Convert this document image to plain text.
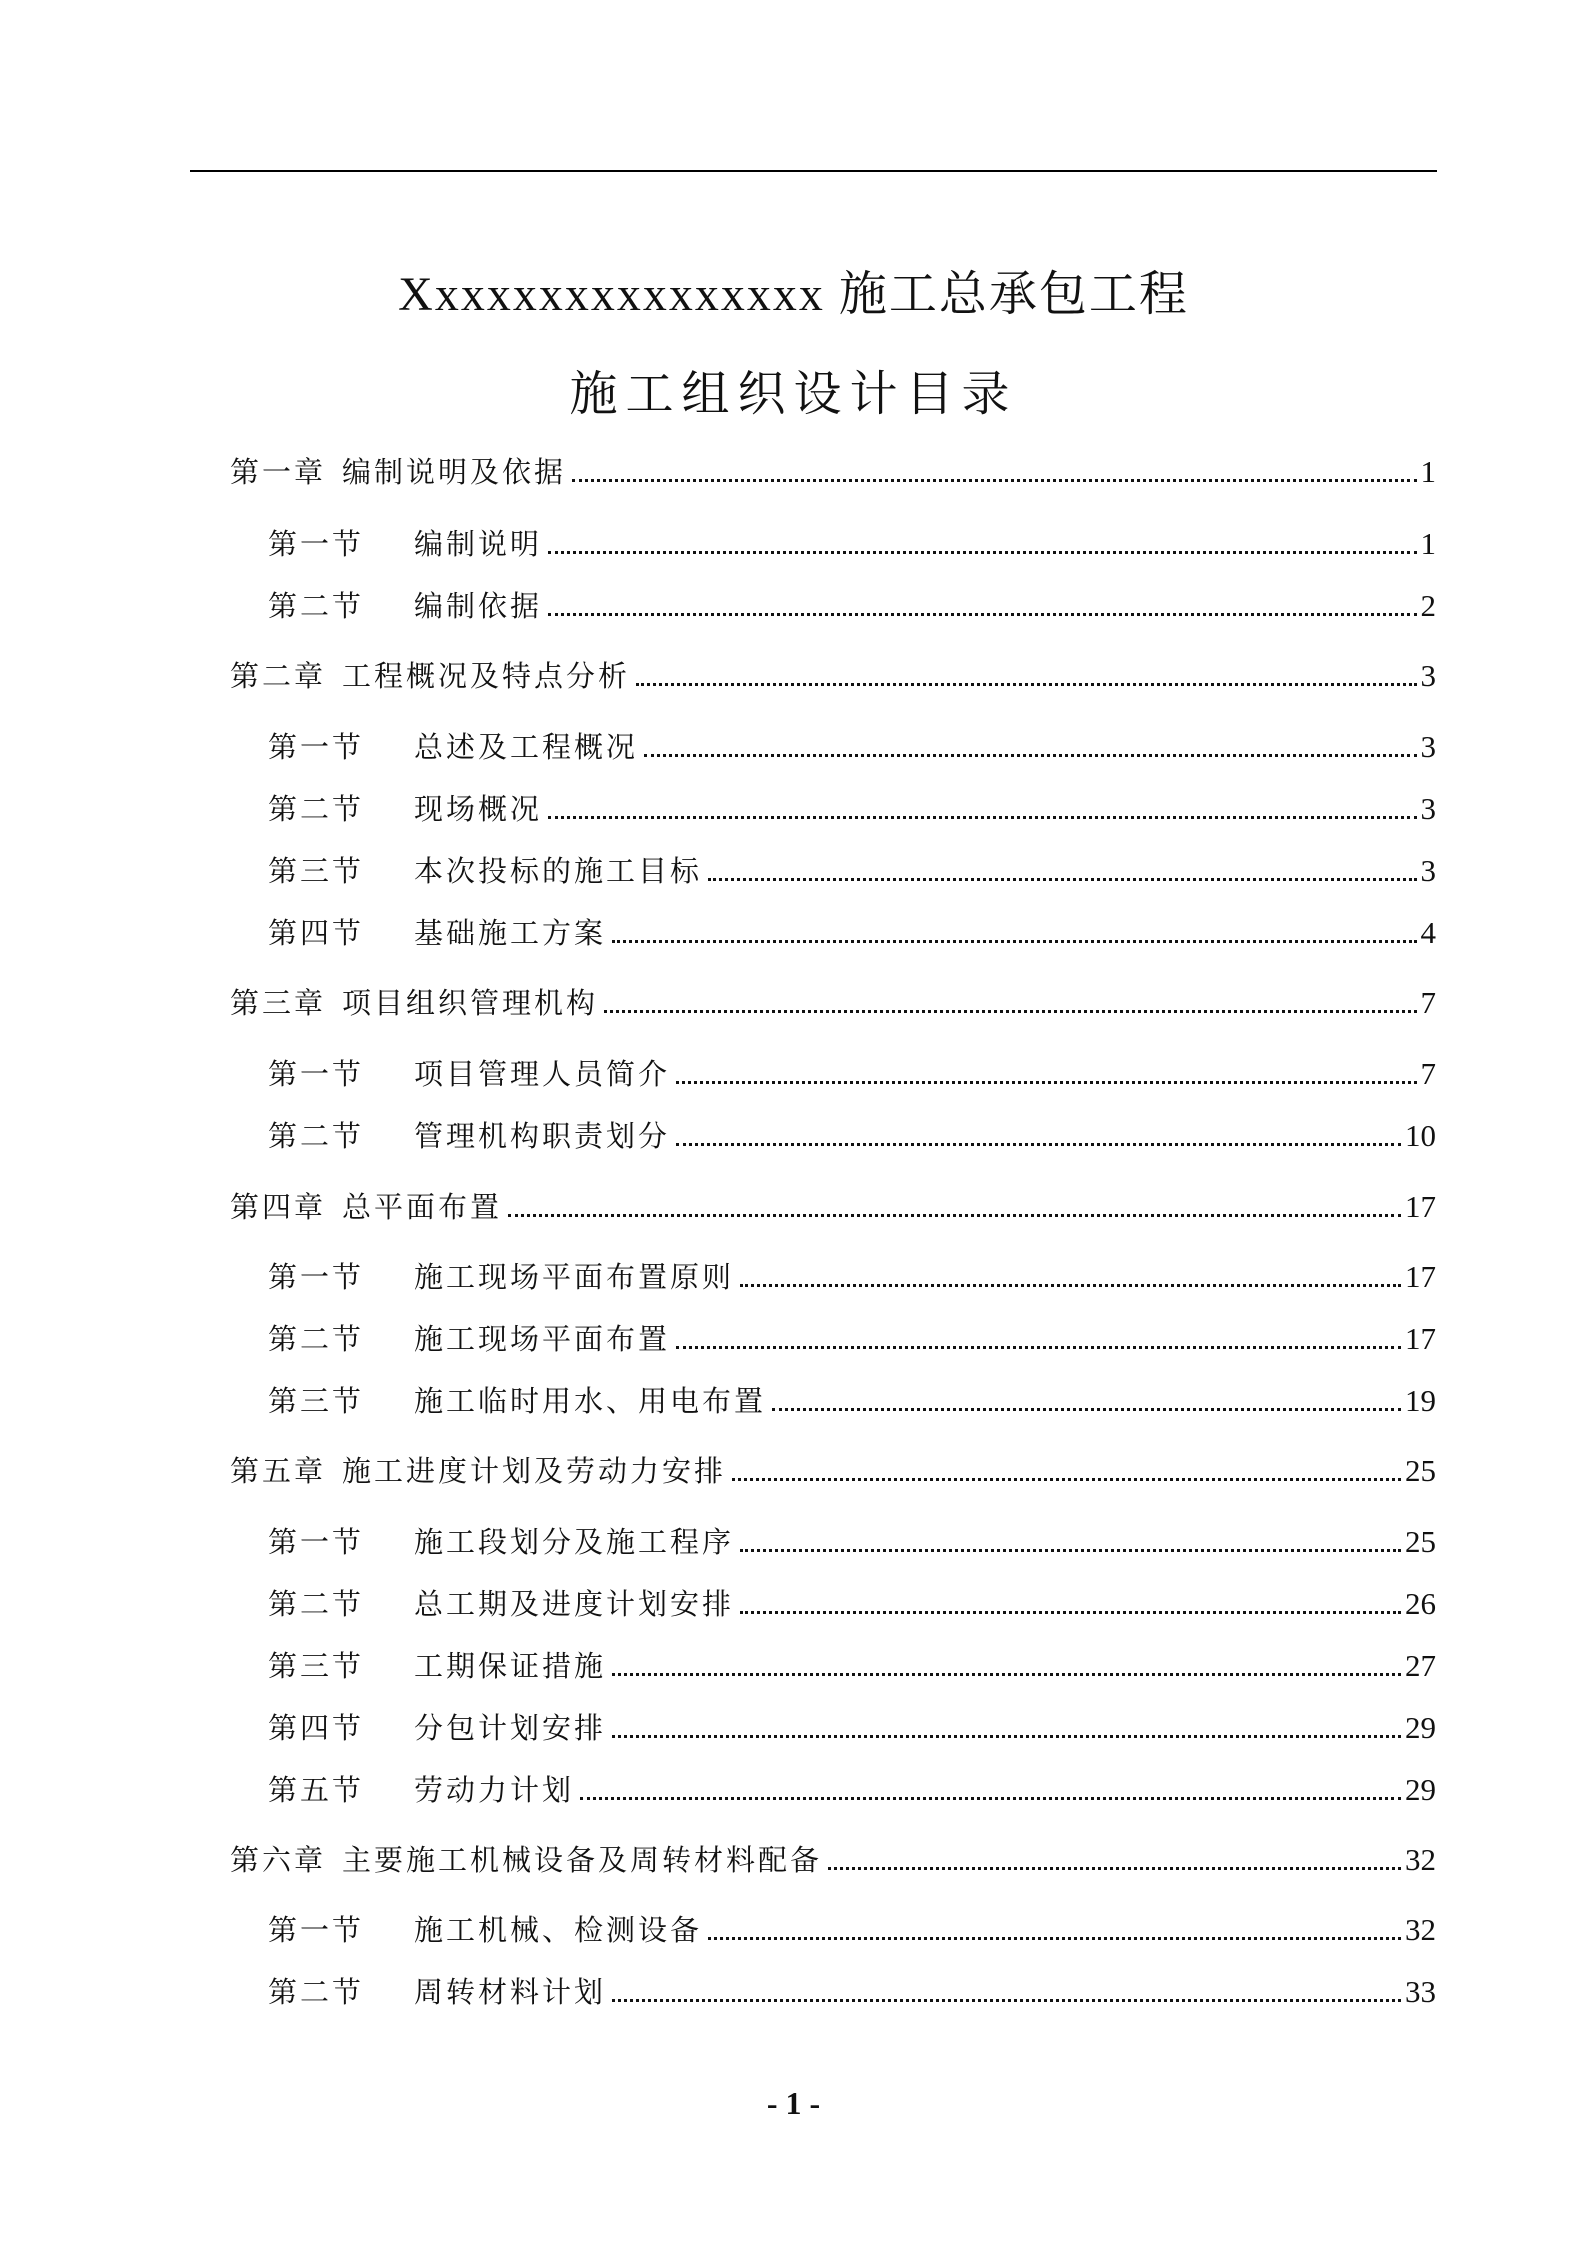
Xxxxxxxxxxxxxxxx 施工总承包工程
施工组织设计目录
第一章 编制说明及依据	1
第一节	编制说明	1
第二节	编制依据	2
第二章 工程概况及特点分析	3
第一节	总述及工程概况	3
第二节	现场概况	3
第三节	本次投标的施工目标	3
第四节	基础施工方案	4
第三章 项目组织管理机构	7
第一节	项目管理人员简介	7
第二节	管理机构职责划分	10
第四章 总平面布置	17
第一节	施工现场平面布置原则	17
第二节	施工现场平面布置	17
第三节	施工临时用水、用电布置	19
第五章 施工进度计划及劳动力安排	25
第一节	施工段划分及施工程序	25
第二节	总工期及进度计划安排	26
第三节	工期保证措施	27
第四节	分包计划安排	29
第五节	劳动力计划	29
第六章 主要施工机械设备及周转材料配备	32
第一节	施工机械、检测设备	32
第二节	周转材料计划	33
- 1 -
